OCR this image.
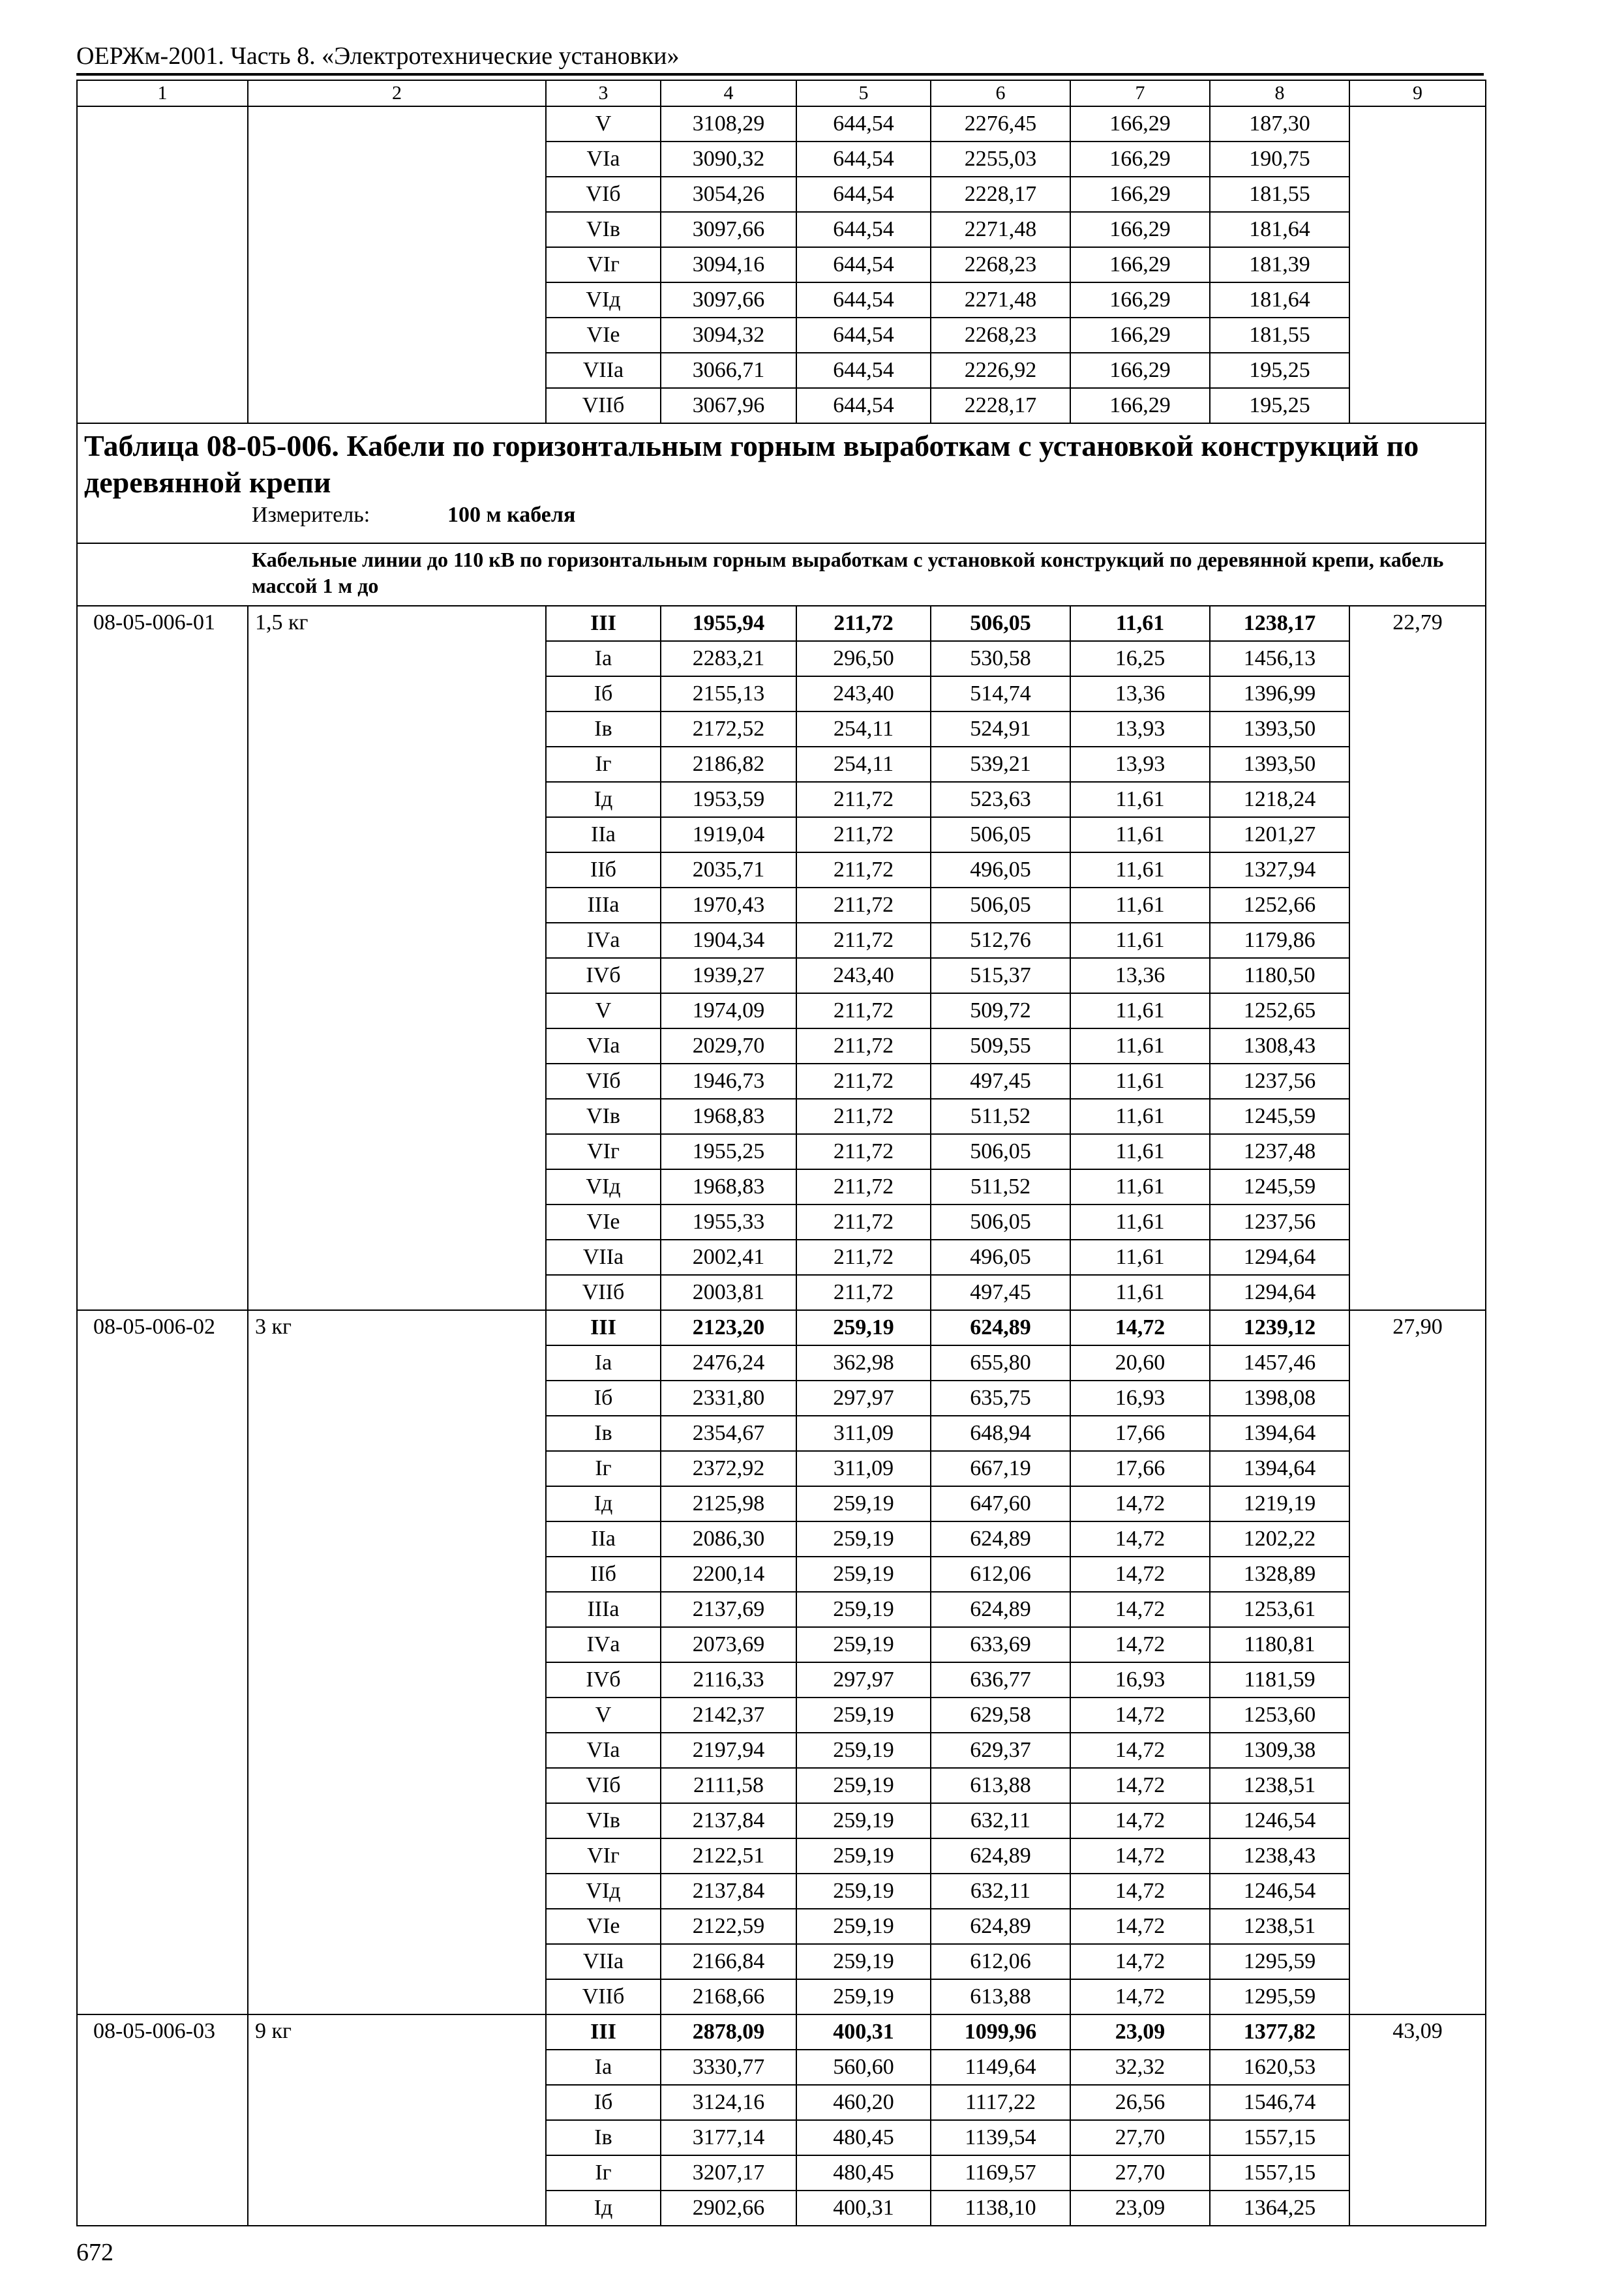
ОЕРЖм-2001. Часть 8. «Электротехнические установки»
1	2	3	4	5	6	7	8	9
		V	3108,29	644,54	2276,45	166,29	187,30	
		VIа	3090,32	644,54	2255,03	166,29	190,75	
		VIб	3054,26	644,54	2228,17	166,29	181,55	
		VIв	3097,66	644,54	2271,48	166,29	181,64	
		VIг	3094,16	644,54	2268,23	166,29	181,39	
		VIд	3097,66	644,54	2271,48	166,29	181,64	
		VIе	3094,32	644,54	2268,23	166,29	181,55	
		VIIа	3066,71	644,54	2226,92	166,29	195,25	
		VIIб	3067,96	644,54	2228,17	166,29	195,25	

Таблица 08-05-006. Кабели по горизонтальным горным выработкам с установкой конструкций по деревянной крепи
Измеритель: 100 м кабеля								

Кабельные линии до 110 кВ по горизонтальным горным выработкам с установкой конструкций по деревянной крепи, кабель массой 1 м до								

08-05-006-01	1,5 кг	III	1955,94	211,72	506,05	11,61	1238,17	22,79
		Iа	2283,21	296,50	530,58	16,25	1456,13	
		Iб	2155,13	243,40	514,74	13,36	1396,99	
		Iв	2172,52	254,11	524,91	13,93	1393,50	
		Iг	2186,82	254,11	539,21	13,93	1393,50	
		Iд	1953,59	211,72	523,63	11,61	1218,24	
		IIа	1919,04	211,72	506,05	11,61	1201,27	
		IIб	2035,71	211,72	496,05	11,61	1327,94	
		IIIа	1970,43	211,72	506,05	11,61	1252,66	
		IVа	1904,34	211,72	512,76	11,61	1179,86	
		IVб	1939,27	243,40	515,37	13,36	1180,50	
		V	1974,09	211,72	509,72	11,61	1252,65	
		VIа	2029,70	211,72	509,55	11,61	1308,43	
		VIб	1946,73	211,72	497,45	11,61	1237,56	
		VIв	1968,83	211,72	511,52	11,61	1245,59	
		VIг	1955,25	211,72	506,05	11,61	1237,48	
		VIд	1968,83	211,72	511,52	11,61	1245,59	
		VIе	1955,33	211,72	506,05	11,61	1237,56	
		VIIа	2002,41	211,72	496,05	11,61	1294,64	
		VIIб	2003,81	211,72	497,45	11,61	1294,64	
08-05-006-02	3 кг	III	2123,20	259,19	624,89	14,72	1239,12	27,90
		Iа	2476,24	362,98	655,80	20,60	1457,46	
		Iб	2331,80	297,97	635,75	16,93	1398,08	
		Iв	2354,67	311,09	648,94	17,66	1394,64	
		Iг	2372,92	311,09	667,19	17,66	1394,64	
		Iд	2125,98	259,19	647,60	14,72	1219,19	
		IIа	2086,30	259,19	624,89	14,72	1202,22	
		IIб	2200,14	259,19	612,06	14,72	1328,89	
		IIIа	2137,69	259,19	624,89	14,72	1253,61	
		IVа	2073,69	259,19	633,69	14,72	1180,81	
		IVб	2116,33	297,97	636,77	16,93	1181,59	
		V	2142,37	259,19	629,58	14,72	1253,60	
		VIа	2197,94	259,19	629,37	14,72	1309,38	
		VIб	2111,58	259,19	613,88	14,72	1238,51	
		VIв	2137,84	259,19	632,11	14,72	1246,54	
		VIг	2122,51	259,19	624,89	14,72	1238,43	
		VIд	2137,84	259,19	632,11	14,72	1246,54	
		VIе	2122,59	259,19	624,89	14,72	1238,51	
		VIIа	2166,84	259,19	612,06	14,72	1295,59	
		VIIб	2168,66	259,19	613,88	14,72	1295,59	
08-05-006-03	9 кг	III	2878,09	400,31	1099,96	23,09	1377,82	43,09
		Iа	3330,77	560,60	1149,64	32,32	1620,53	
		Iб	3124,16	460,20	1117,22	26,56	1546,74	
		Iв	3177,14	480,45	1139,54	27,70	1557,15	
		Iг	3207,17	480,45	1169,57	27,70	1557,15	
		Iд	2902,66	400,31	1138,10	23,09	1364,25	
672
